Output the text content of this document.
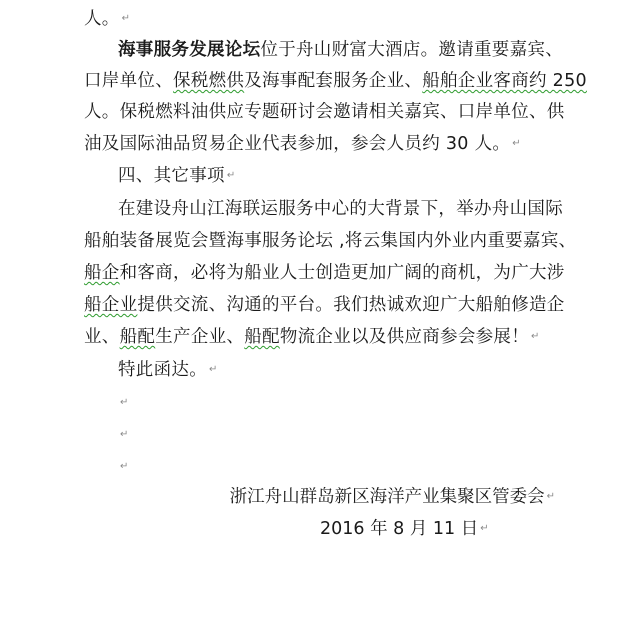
人。 ↵
海事服务发展论坛位于舟山财富大酒店。邀请重要嘉宾、
口岸单位、保税燃供及海事配套服务企业、船舶企业客商约 250
人。保税燃料油供应专题研讨会邀请相关嘉宾、口岸单位、供
油及国际油品贸易企业代表参加，参会人员约 30 人。 ↵
四、其它事项 ↵
在建设舟山江海联运服务中心的大背景下，举办舟山国际
船舶装备展览会暨海事服务论坛 ,将云集国内外业内重要嘉宾、
船企和客商，必将为船业人士创造更加广阔的商机，为广大涉
船企业提供交流、沟通的平台。我们热诚欢迎广大船舶修造企
业、船配生产企业、船配物流企业以及供应商参会参展！ ↵
特此函达。 ↵
↵
↵
↵
浙江舟山群岛新区海洋产业集聚区管委会 ↵
2016 年 8 月 11 日 ↵
